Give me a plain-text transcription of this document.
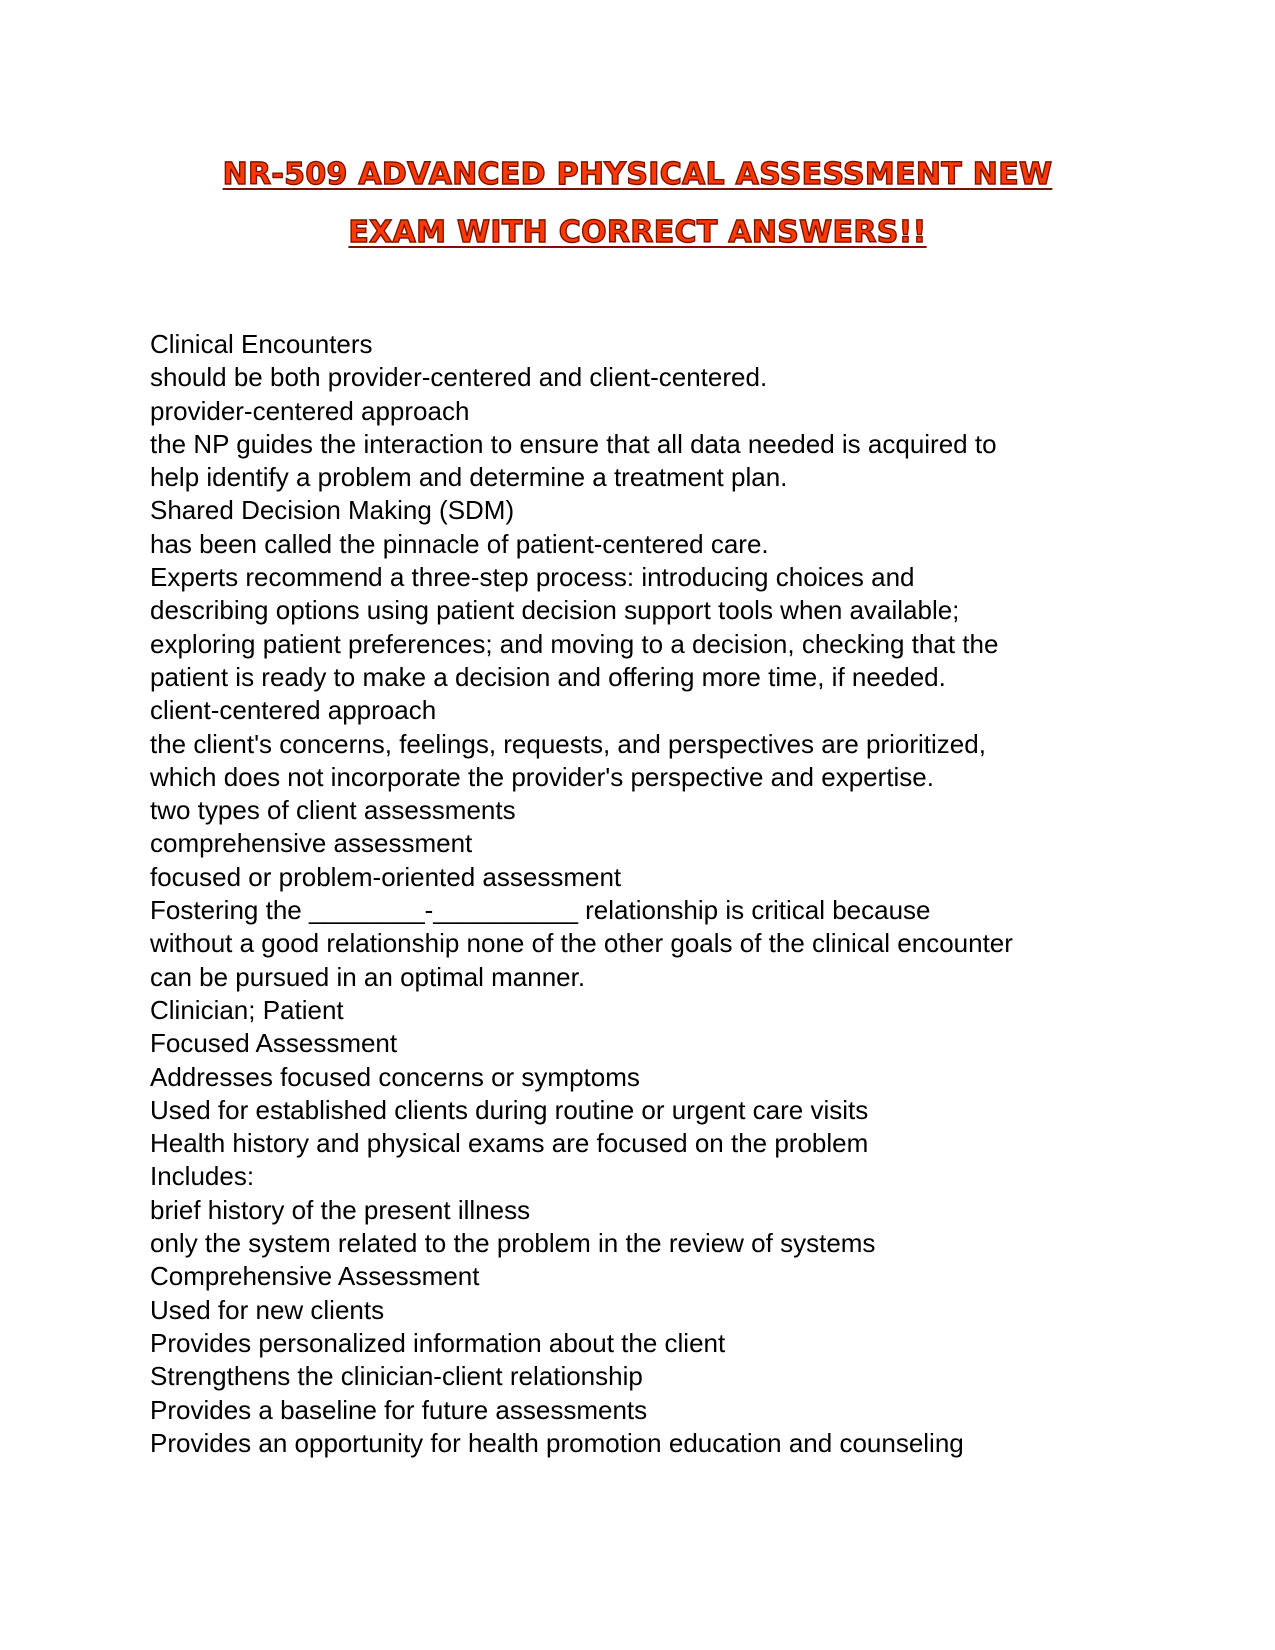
NR-509 ADVANCED PHYSICAL ASSESSMENT NEW
EXAM WITH CORRECT ANSWERS!!
Clinical Encounters
should be both provider-centered and client-centered.
provider-centered approach
the NP guides the interaction to ensure that all data needed is acquired to
help identify a problem and determine a treatment plan.
Shared Decision Making (SDM)
has been called the pinnacle of patient-centered care.
Experts recommend a three-step process: introducing choices and
describing options using patient decision support tools when available;
exploring patient preferences; and moving to a decision, checking that the
patient is ready to make a decision and offering more time, if needed.
client-centered approach
the client's concerns, feelings, requests, and perspectives are prioritized,
which does not incorporate the provider's perspective and expertise.
two types of client assessments
comprehensive assessment
focused or problem-oriented assessment
Fostering the ________-__________ relationship is critical because
without a good relationship none of the other goals of the clinical encounter
can be pursued in an optimal manner.
Clinician; Patient
Focused Assessment
Addresses focused concerns or symptoms
Used for established clients during routine or urgent care visits
Health history and physical exams are focused on the problem
Includes:
brief history of the present illness
only the system related to the problem in the review of systems
Comprehensive Assessment
Used for new clients
Provides personalized information about the client
Strengthens the clinician-client relationship
Provides a baseline for future assessments
Provides an opportunity for health promotion education and counseling
